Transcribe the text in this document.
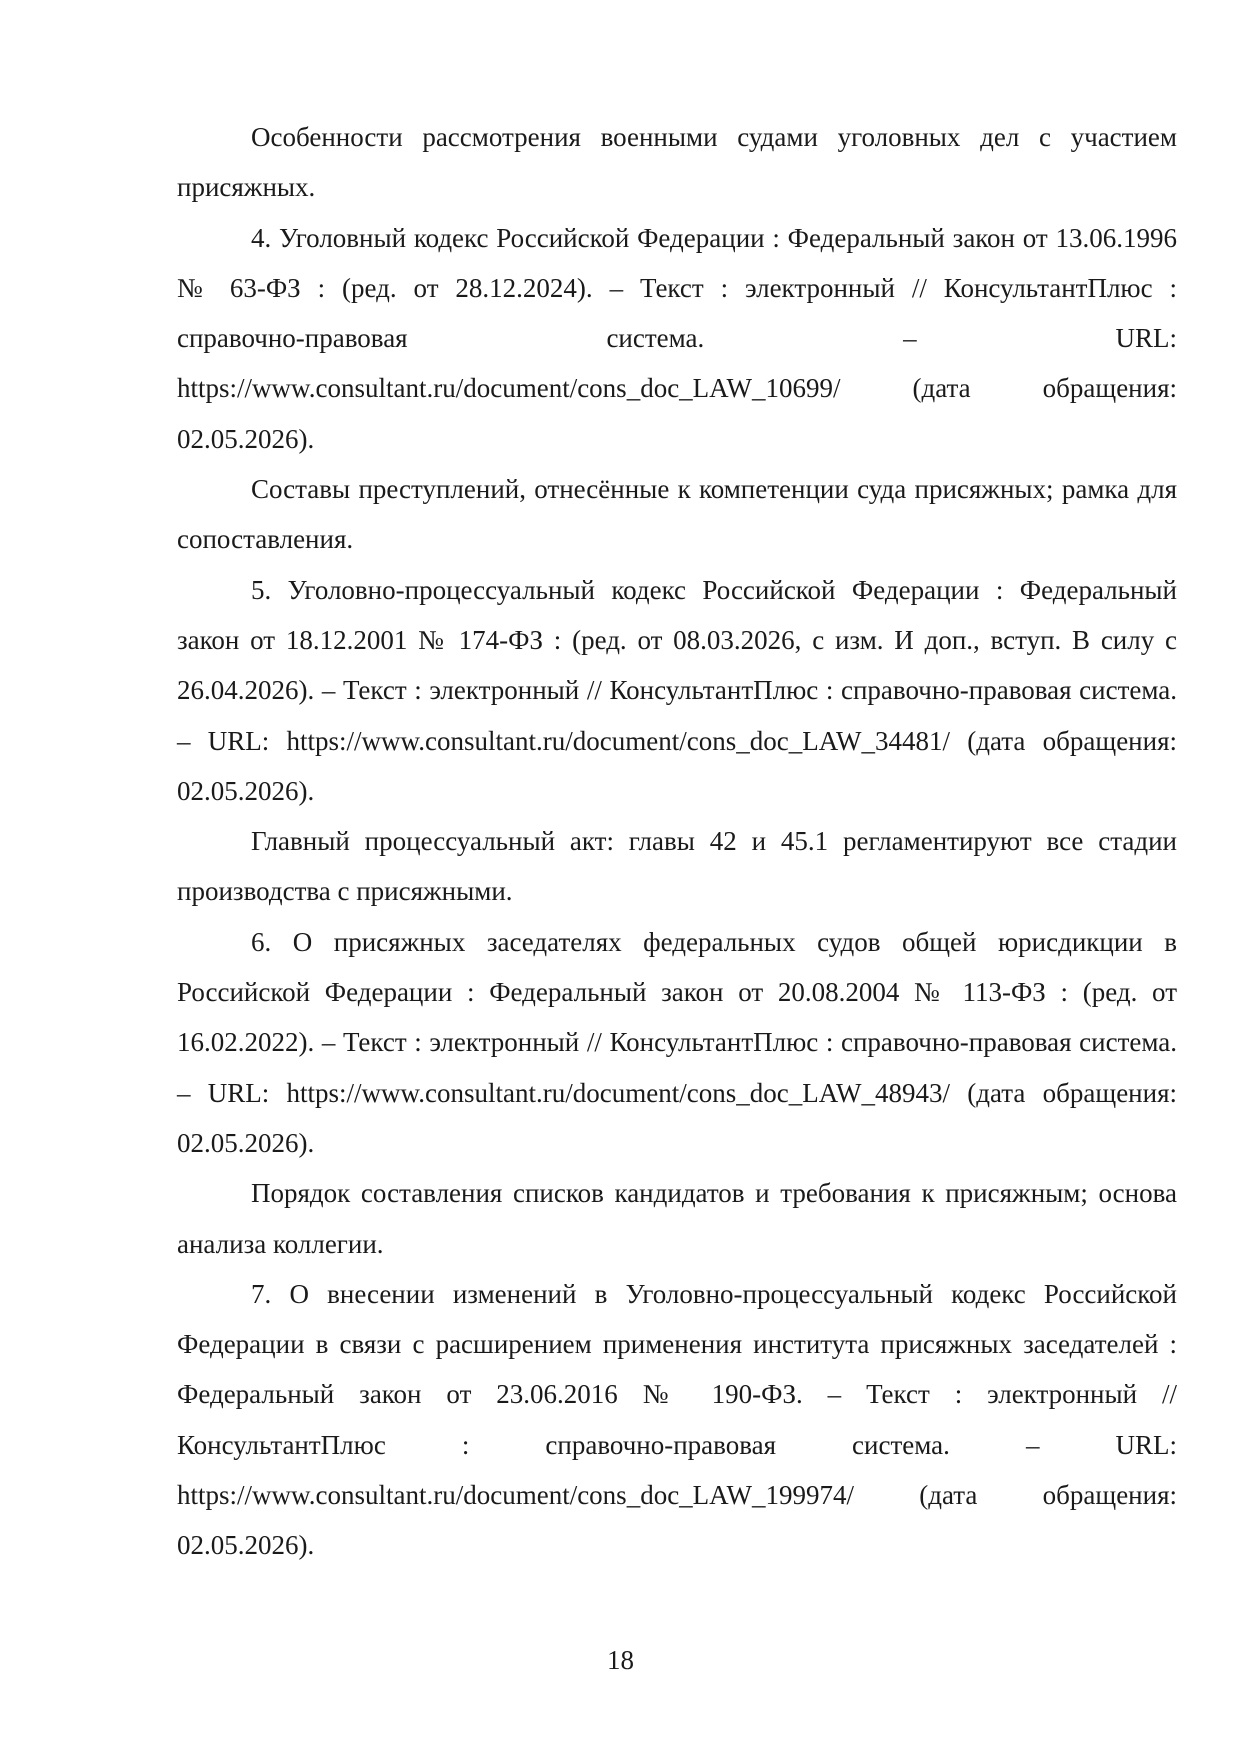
Особенности рассмотрения военными судами уголовных дел с участием присяжных.

4. Уголовный кодекс Российской Федерации : Федеральный закон от 13.06.1996 № 63-ФЗ : (ред. от 28.12.2024). – Текст : электронный // КонсультантПлюс : справочно-правовая система. – URL: https://www.consultant.ru/document/cons_doc_LAW_10699/ (дата обращения: 02.05.2026).

Составы преступлений, отнесённые к компетенции суда присяжных; рамка для сопоставления.

5. Уголовно-процессуальный кодекс Российской Федерации : Федеральный закон от 18.12.2001 № 174-ФЗ : (ред. от 08.03.2026, с изм. И доп., вступ. В силу с 26.04.2026). – Текст : электронный // КонсультантПлюс : справочно-правовая система. – URL: https://www.consultant.ru/document/cons_doc_LAW_34481/ (дата обращения: 02.05.2026).

Главный процессуальный акт: главы 42 и 45.1 регламентируют все стадии производства с присяжными.

6. О присяжных заседателях федеральных судов общей юрисдикции в Российской Федерации : Федеральный закон от 20.08.2004 № 113-ФЗ : (ред. от 16.02.2022). – Текст : электронный // КонсультантПлюс : справочно-правовая система. – URL: https://www.consultant.ru/document/cons_doc_LAW_48943/ (дата обращения: 02.05.2026).

Порядок составления списков кандидатов и требования к присяжным; основа анализа коллегии.

7. О внесении изменений в Уголовно-процессуальный кодекс Российской Федерации в связи с расширением применения института присяжных заседателей : Федеральный закон от 23.06.2016 № 190-ФЗ. – Текст : электронный // КонсультантПлюс : справочно-правовая система. – URL: https://www.consultant.ru/document/cons_doc_LAW_199974/ (дата обращения: 02.05.2026).

18
